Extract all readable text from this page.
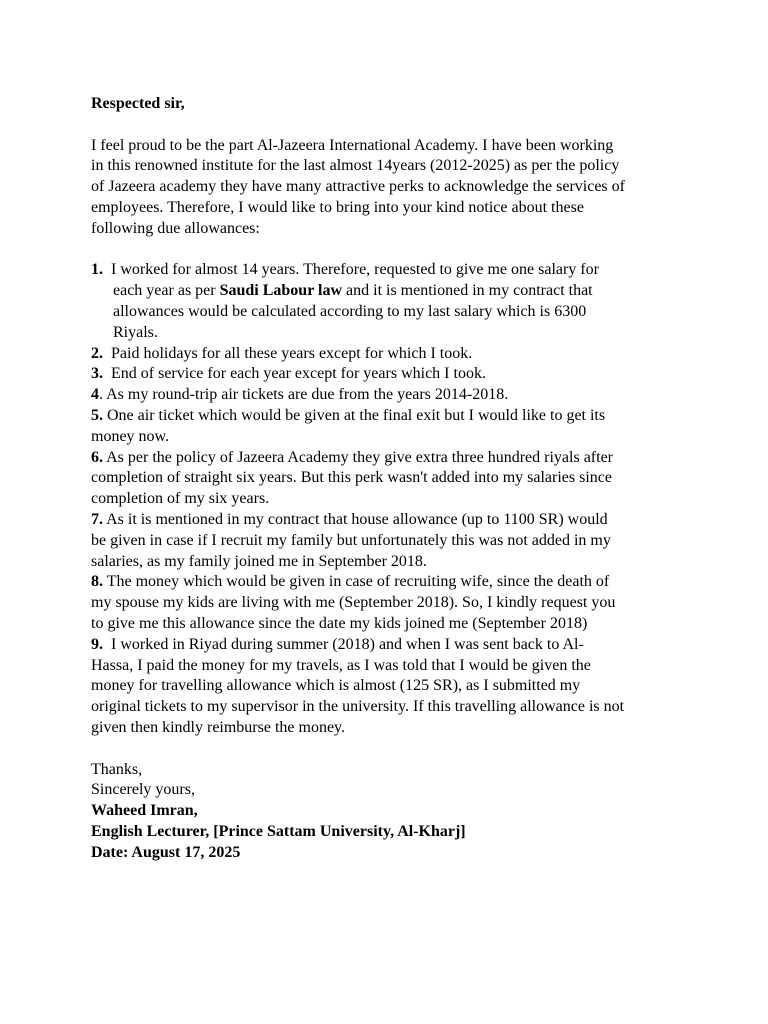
Respected sir,

I feel proud to be the part Al-Jazeera International Academy. I have been working
in this renowned institute for the last almost 14years (2012-2025) as per the policy
of Jazeera academy they have many attractive perks to acknowledge the services of
employees. Therefore, I would like to bring into your kind notice about these
following due allowances:

1. I worked for almost 14 years. Therefore, requested to give me one salary for
each year as per Saudi Labour law and it is mentioned in my contract that
allowances would be calculated according to my last salary which is 6300
Riyals.
2. Paid holidays for all these years except for which I took.
3. End of service for each year except for years which I took.
4. As my round-trip air tickets are due from the years 2014-2018.
5. One air ticket which would be given at the final exit but I would like to get its
money now.
6. As per the policy of Jazeera Academy they give extra three hundred riyals after
completion of straight six years. But this perk wasn't added into my salaries since
completion of my six years.
7. As it is mentioned in my contract that house allowance (up to 1100 SR) would
be given in case if I recruit my family but unfortunately this was not added in my
salaries, as my family joined me in September 2018.
8. The money which would be given in case of recruiting wife, since the death of
my spouse my kids are living with me (September 2018). So, I kindly request you
to give me this allowance since the date my kids joined me (September 2018)
9.  I worked in Riyad during summer (2018) and when I was sent back to Al-
Hassa, I paid the money for my travels, as I was told that I would be given the
money for travelling allowance which is almost (125 SR), as I submitted my
original tickets to my supervisor in the university. If this travelling allowance is not
given then kindly reimburse the money.
Thanks,
Sincerely yours,
Waheed Imran,
English Lecturer, [Prince Sattam University, Al-Kharj]
Date: August 17, 2025
